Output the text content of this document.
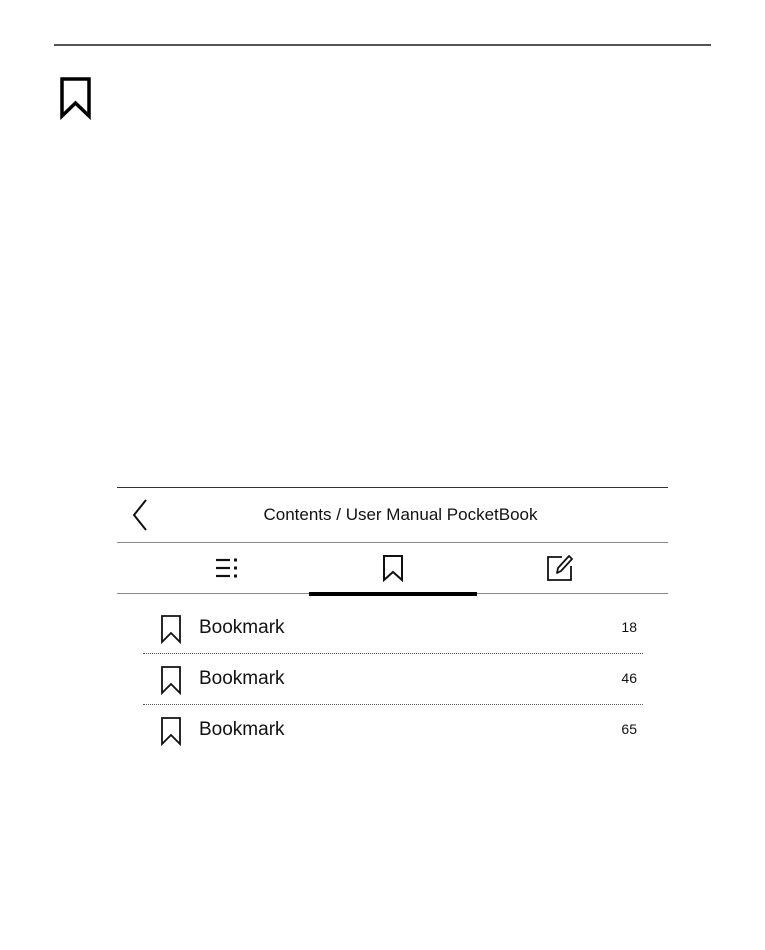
Contents / User Manual PocketBook
Bookmark	18
Bookmark	46
Bookmark	65
